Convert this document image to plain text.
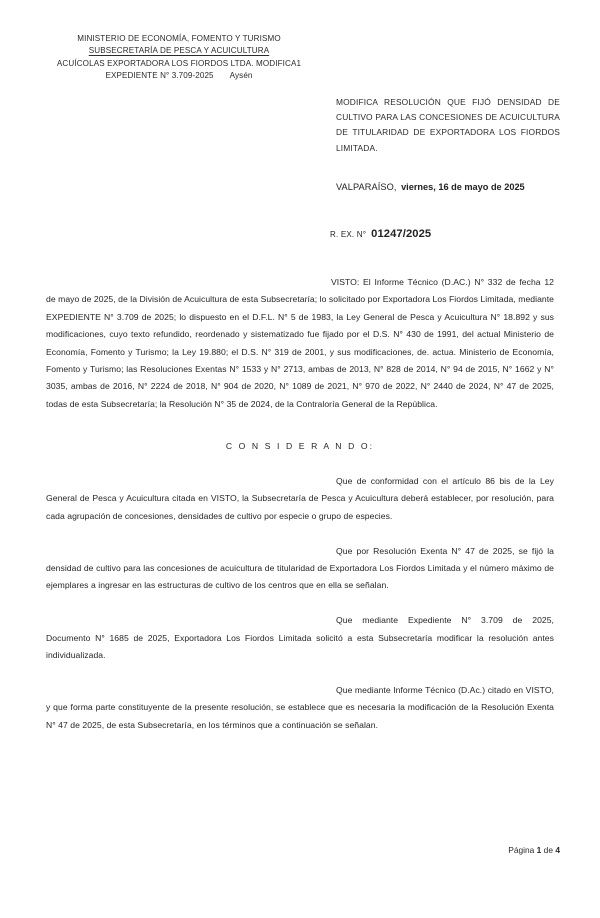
MINISTERIO DE ECONOMÍA, FOMENTO Y TURISMO
SUBSECRETARÍA DE PESCA Y ACUICULTURA
ACUÍCOLAS EXPORTADORA LOS FIORDOS LTDA. MODIFICA1
EXPEDIENTE N° 3.709-2025 Aysén
MODIFICA RESOLUCIÓN QUE FIJÓ DENSIDAD DE CULTIVO PARA LAS CONCESIONES DE ACUICULTURA DE TITULARIDAD DE EXPORTADORA LOS FIORDOS LIMITADA.
VALPARAÍSO, viernes, 16 de mayo de 2025
R. EX. N° 01247/2025

VISTO: El Informe Técnico (D.AC.) N° 332 de fecha 12 de mayo de 2025, de la División de Acuicultura de esta Subsecretaría; lo solicitado por Exportadora Los Fiordos Limitada, mediante EXPEDIENTE N° 3.709 de 2025; lo dispuesto en el D.F.L. N° 5 de 1983, la Ley General de Pesca y Acuicultura N° 18.892 y sus modificaciones, cuyo texto refundido, reordenado y sistematizado fue fijado por el D.S. N° 430 de 1991, del actual Ministerio de Economía, Fomento y Turismo; la Ley 19.880; el D.S. N° 319 de 2001, y sus modificaciones, de. actua. Ministerio de Economía, Fomento y Turismo; las Resoluciones Exentas N° 1533 y N° 2713, ambas de 2013, N° 828 de 2014, N° 94 de 2015, N° 1662 y N° 3035, ambas de 2016, N° 2224 de 2018, N° 904 de 2020, N° 1089 de 2021, N° 970 de 2022, N° 2440 de 2024, N° 47 de 2025, todas de esta Subsecretaría; la Resolución N° 35 de 2024, de la Contraloría General de la República.

C O N S I D E R A N D O:

Que de conformidad con el artículo 86 bis de la Ley General de Pesca y Acuicultura citada en VISTO, la Subsecretaría de Pesca y Acuicultura deberá establecer, por resolución, para cada agrupación de concesiones, densidades de cultivo por especie o grupo de especies.

Que por Resolución Exenta N° 47 de 2025, se fijó la densidad de cultivo para las concesiones de acuicultura de titularidad de Exportadora Los Fiordos Limitada y el número máximo de ejemplares a ingresar en las estructuras de cultivo de los centros que en ella se señalan.

Que mediante Expediente N° 3.709 de 2025, Documento N° 1685 de 2025, Exportadora Los Fiordos Limitada solicitó a esta Subsecretaría modificar la resolución antes individualizada.

Que mediante Informe Técnico (D.Ac.) citado en VISTO, y que forma parte constituyente de la presente resolución, se establece que es necesaria la modificación de la Resolución Exenta N° 47 de 2025, de esta Subsecretaría, en los términos que a continuación se señalan.

Página 1 de 4
